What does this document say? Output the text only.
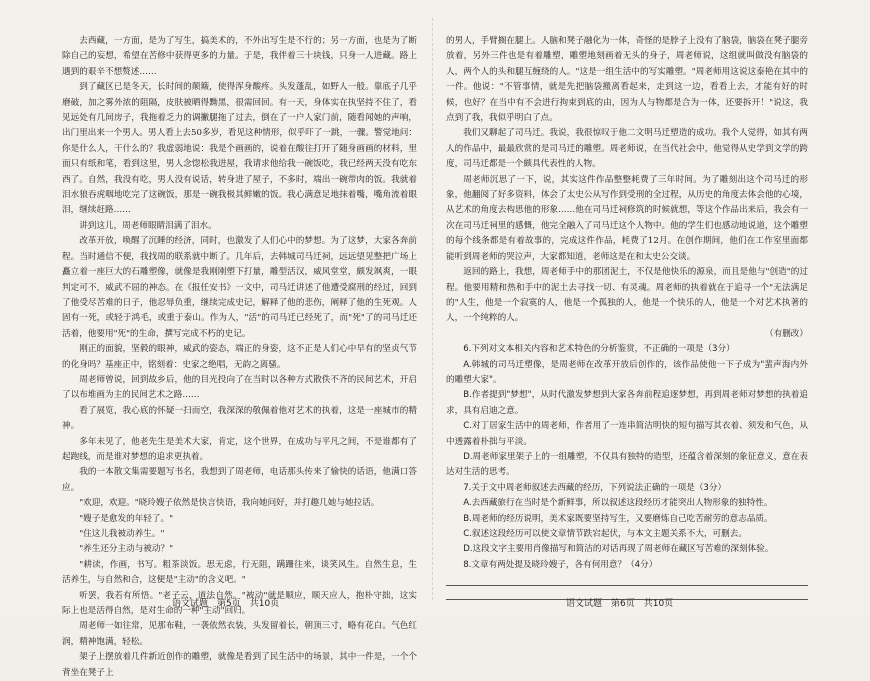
去西藏，一方面，是为了写生，搞美术的，不外出写生是不行的；另一方面，也是为了断除自己的妄想，希望在苦修中获得更多的力量。于是，我伴着三十块钱，只身一人进藏。路上遇到的艰辛不想赘述……

到了藏区已是冬天，长时间的颠簸，使得浑身酸疼。头发蓬乱，如野人一般。靠底子几乎磨破，加之雾外浓的阻隔，皮肤被晒得黝黑，很需回回。有一天，身体实在执坚持不住了，看见远处有几间房子，我拖着乏力的调撇腿拖了过去，倒在了一户人家门前，随看闻她的声响，出门里出来一个男人。男人看上去50多岁，看见这种情形，似乎吓了一跳，一骤。警觉地问：你是什么人，干什么的？我虚弱地说：我是个画画的，说着在酸往打开了随身画画的材料，里面只有纸和笔，看到这里，男人念惚松我进屋，我请求他给我一碗饭吃，我已经两天没有吃东西了。自然，我没有吃，男人没有说话，转身进了屋子，不多时，端出一碗带肉的饭。我就着泪水狼吞虎咽地吃完了这碗饭，那是一碗我极其鲜嫩的饭。我心满意足地抹着嘴，嘴角流着眼泪，继续赶路……

讲到这儿，周老师眼睛泪满了泪水。

改革开放，唤醒了沉睡的经济，同时，也激发了人们心中的梦想。为了这梦，大家各奔前程。当时通信不便，我找周的联系就中断了。几年后，去韩城司马迁祠，远远望见整把广场上矗立着一座巨大的石雕塑像，就像是我刚刚塑下打量，雕型活汉，威风堂堂，颇发飒爽，一眼判定可不，威武不屈的神态。在《报任安书》一文中，司马迁讲述了他遭受腐刑的经过，回到了他受尽苦难的日子，他忍辱负重，继续完成史记，解释了他的悲伤，阐释了他的生死观。人固有一死，或轻于鸿毛，或重于泰山。作为人，"活"的司马迁已经死了，而"死"了的司马迁还活着，他要用"死"的生命，撰写完成不朽的史记。

刚正的面貌，坚毅的眼神，威武的姿态，端正的身姿，这不正是人们心中早有的坚贞气节的化身吗？基座正中，铭刻着：史家之绝唱，无韵之离骚。

周老师曾说，回到故乡后，他的目光投向了在当时以各种方式散佚不齐的民间艺术，开启了以布堆画为主的民间艺术之路……

看了展览，我心底的怀疑一扫而空，我深深的敬佩着他对艺术的执着，这是一座城市的精神。

多年未见了，他老先生是美术大家，肯定，这个世界，在成功与平凡之间，不是谁都有了起跑线，而是谁对梦想的追求更执着。

我的一本散文集需要题写书名，我想到了周老师，电话那头传来了愉快的话语，他满口答应。

"欢迎，欢迎。"晓玲嫂子依然是快言快语，我向她问好，并打趣几她与她拉话。

"嫂子是愈发的年轻了。"

"住这儿我被动养生。"

"养生还分主动与被动？"

"耕读，作画，书写。粗茶淡饭。思无虑，行无阻，蹒跚往来，谈笑风生。自然生息，生活养生，与自然和合，这便是"主动"的含义吧。"

听罢，我若有所悟。"老子云，道法自然。"被动"就是顺应，顺天应人，抱朴守拙，这实际上也是活得自然，是对生命的一种"主动"回归。

周老师一如往常，见那布鞋，一袭依然衣装，头发留着长，朝顶三寸，略有花白。气色红润，精神饱满，轻松。

架子上摆放着几件新近创作的雕塑，就像是看到了民生活中的场景，其中一件是，一个个背坐在凳子上

的男人，手臂搁在腿上。人脑和凳子融化为一体，奇怪的是脖子上没有了脑袋，脑袋在凳子腿旁放着，另外三件也是有着雕塑，雕塑地刻画着无头的身子，周老师说，这组就叫做没有脑袋的人，两个人的头和腿互缠绕的人。"这是一组生活中的写实雕塑。"周老师用这说这泰艳在其中的一件。他说："不管事情，就是先把脑袋搬离看起来，走到这一边，看看上去，才能有好的时候，也好？在当中有不会进行拘束到底的由，因为人与物都是合为一体，还要拆开！"说这，我点到了我，我似乎明白了点。

我们又聊起了司马迁。我说，我很惊叹于他二文明马迁塑造的成功。我个人觉得，如其有两人的作品中，最最欣赏的是司马迁的雕塑。周老师说，在当代社会中，他觉得从史学到文学的跨度，司马迁都是一个颇具代表性的人物。

周老师沉思了一下，说，其实这件作品整整耗费了三年时间。为了雕刻出这个司马迁的形象，他翻阅了好多资料，体会了太史公从写作到受刑的全过程，从历史的角度去体会他的心境，从艺术的角度去构思他的形象……他在司马迁祠修筑的时候就想，等这个作品出来后，我会有一次在司马迁祠里的感慨，他完全融入了司马迁这个人物中。他的学生们也感动地说道，这个雕塑的每个线条都是有着故事的，完成这件作品，耗费了12月。在创作期间，他们在工作室里面都能听到周老师的哭泣声，大家都知道，老师这是在和太史公交谈。

返回的路上，我想，周老师手中的那团泥土，不仅是他快乐的源泉，而且是他与"创造"的过程。他要用精和热和手中的泥土去寻找一切、有灵魂。周老师的执着就在于追寻一个"无法满足的"人生，他是一个寂寞的人，他是一个孤独的人，他是一个快乐的人，他是一个对艺术执著的人，一个纯粹的人。

（有删改）

6.下列对文本相关内容和艺术特色的分析鉴赏，不正确的一项是（3分）

A.韩城的司马迁塑像，是周老师在改革开放后创作的，该作品使他一下子成为"蜚声海内外的雕塑大家"。

B.作者提到"梦想"，从时代激发梦想到大家各奔前程追逐梦想，再到周老师对梦想的执着追求，具有启迪之意。

C.对丁居家生活中的周老师，作者用了一连串简洁明快的短句描写其衣着、须发和气色，从中透露着朴拙与平淡。

D.周老师家里架子上的一组雕塑，不仅具有独特的造型，还蕴含着深刻的象征意义，意在表达对生活的思考。

7.关于文中周老师叙述去西藏的经历，下列说法正确的一项是（3分）

A.去西藏旅行在当时是个新鲜事，所以叙述这段经历才能突出人物形象的独特性。

B.周老师的经历说明，美术家既要坚持写生，又要磨炼自己吃苦耐劳的意志品质。

C.叙述这段经历可以使文章情节跌宕起伏，与本文主题关系不大，可删去。

D.这段文字主要用肖像描写和简洁的对话再现了周老师在藏区写苦难的深刻体验。

8.文章有两处提及晓玲嫂子，各有何用意？（4分）

语文试题　第5页　共10页	语文试题　第6页　共10页
